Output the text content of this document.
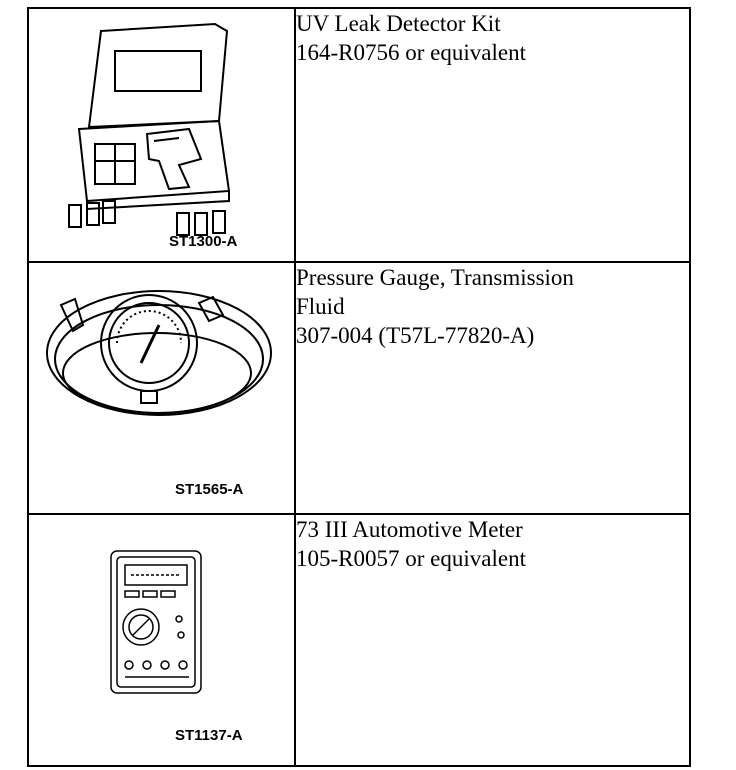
ST1300-A	UV Leak Detector Kit
164-R0756 or equivalent

ST1565-A	Pressure Gauge, Transmission
Fluid
307-004 (T57L-77820-A)

ST1137-A	73 III Automotive Meter
105-R0057 or equivalent
